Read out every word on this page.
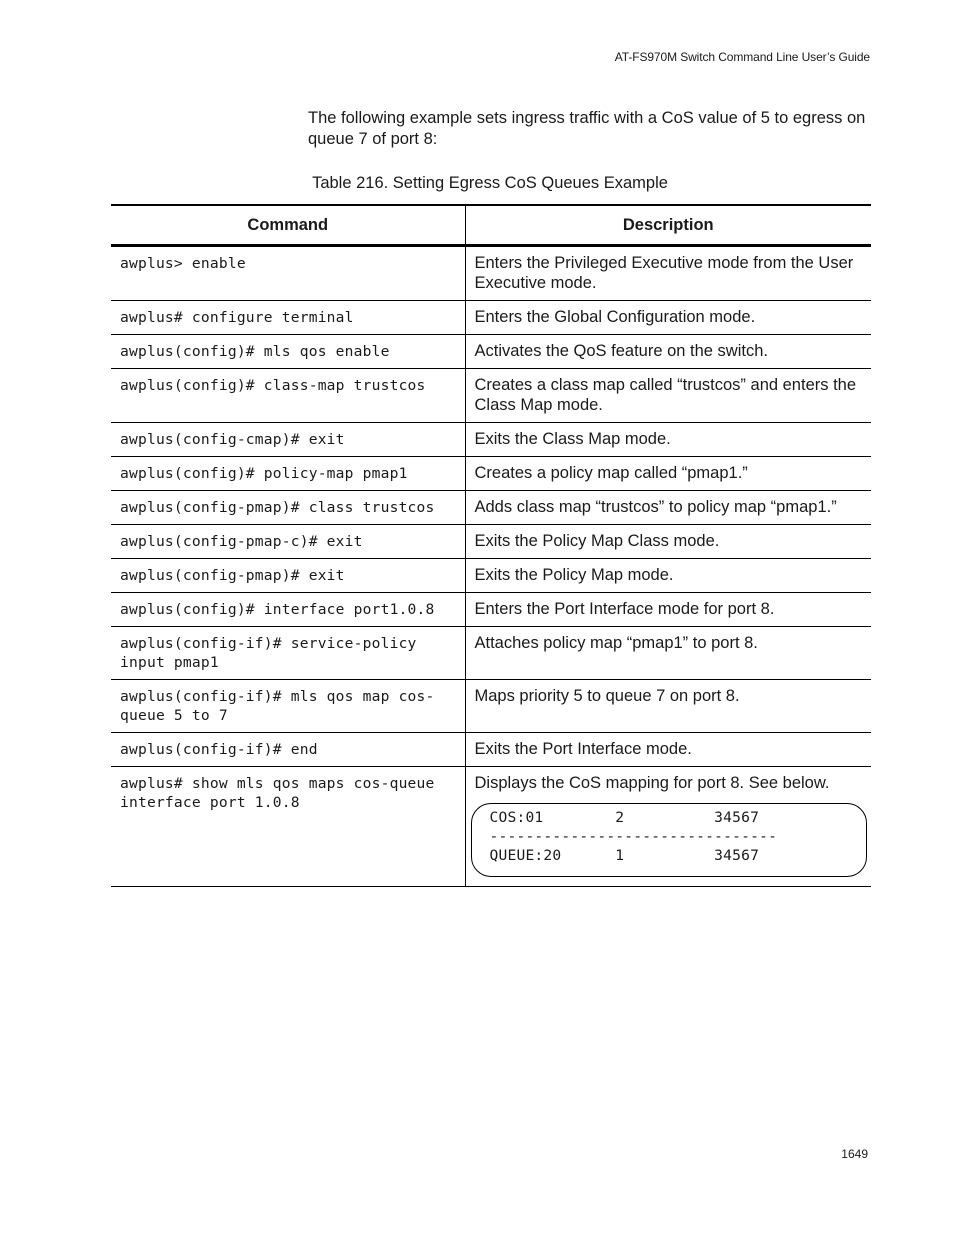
AT-FS970M Switch Command Line User’s Guide

The following example sets ingress traffic with a CoS value of 5 to egress on queue 7 of port 8:

Table 216. Setting Egress CoS Queues Example
Command	Description
awplus> enable	Enters the Privileged Executive mode from the User Executive mode.
awplus# configure terminal	Enters the Global Configuration mode.
awplus(config)# mls qos enable	Activates the QoS feature on the switch.
awplus(config)# class-map trustcos	Creates a class map called “trustcos” and enters the Class Map mode.
awplus(config-cmap)# exit	Exits the Class Map mode.
awplus(config)# policy-map pmap1	Creates a policy map called “pmap1.”
awplus(config-pmap)# class trustcos	Adds class map “trustcos” to policy map “pmap1.”
awplus(config-pmap-c)# exit	Exits the Policy Map Class mode.
awplus(config-pmap)# exit	Exits the Policy Map mode.
awplus(config)# interface port1.0.8	Enters the Port Interface mode for port 8.
awplus(config-if)# service-policy input pmap1	Attaches policy map “pmap1” to port 8.
awplus(config-if)# mls qos map cos-queue 5 to 7	Maps priority 5 to queue 7 on port 8.
awplus(config-if)# end	Exits the Port Interface mode.
awplus# show mls qos maps cos-queue interface port 1.0.8	Displays the CoS mapping for port 8. See below.
COS:01        2          34567
--------------------------------
QUEUE:20      1          34567
1649
